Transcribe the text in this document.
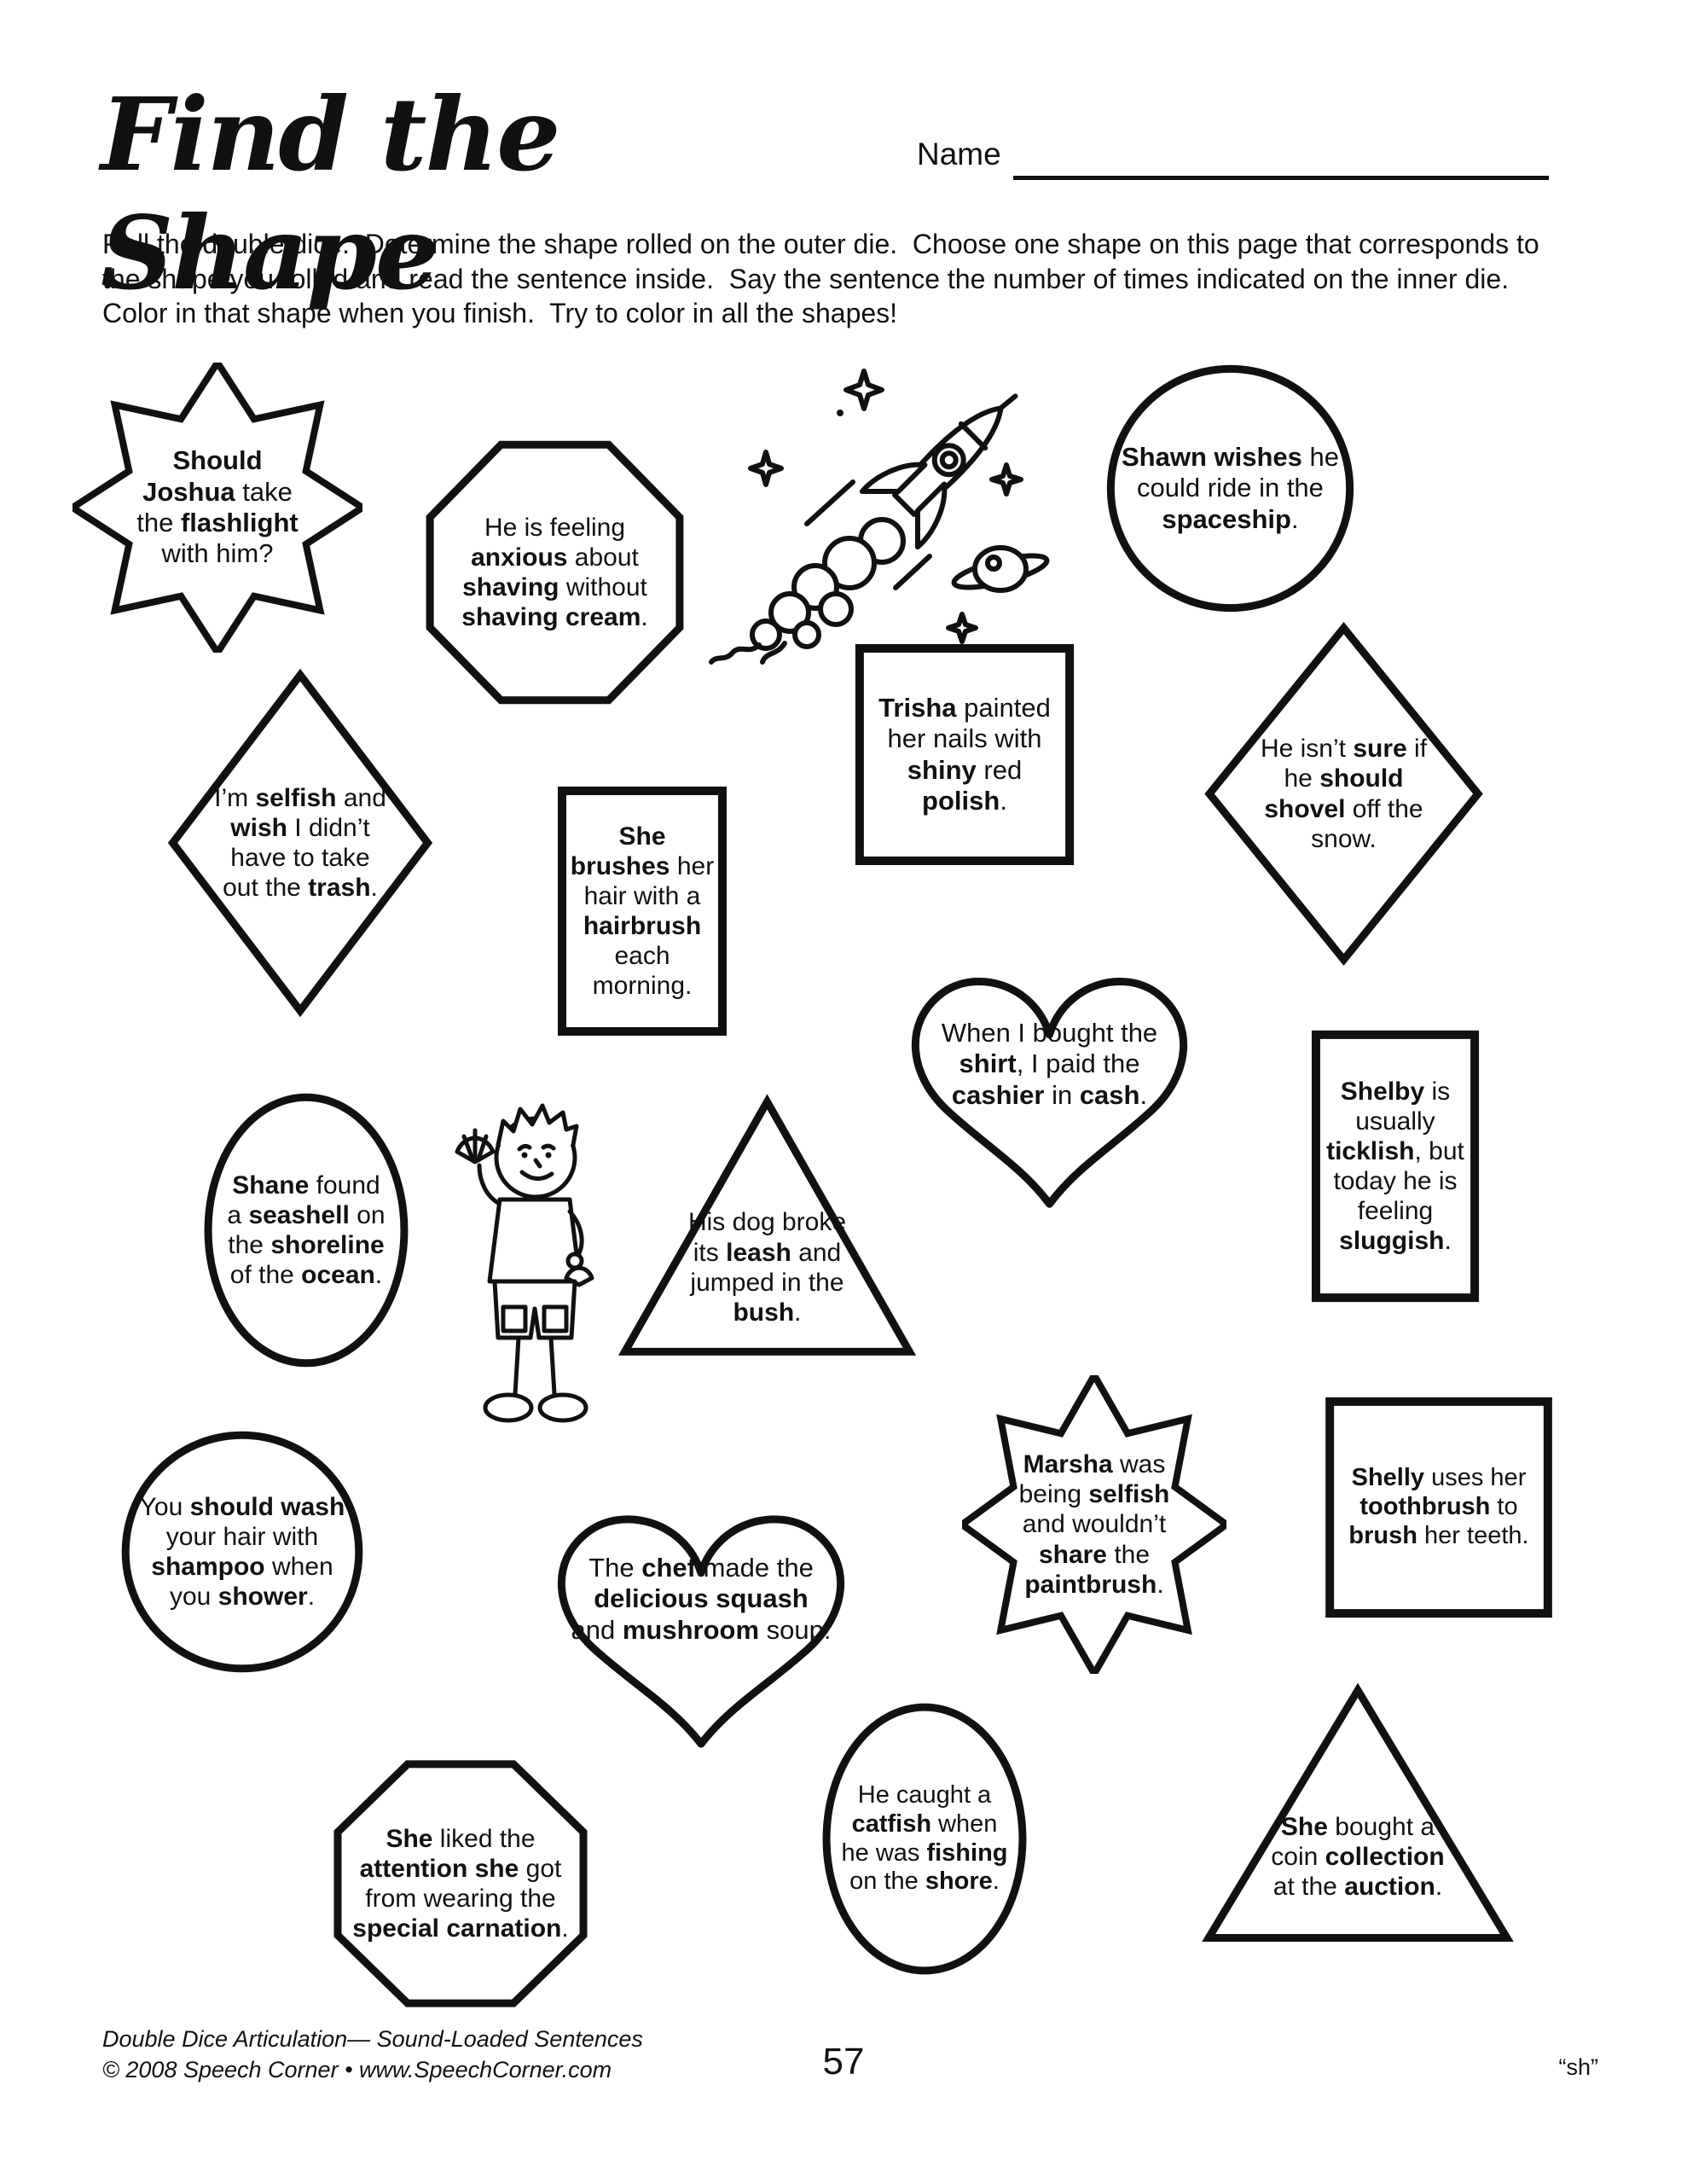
Find the Shape
Name
Roll the double dice.  Determine the shape rolled on the outer die.  Choose one shape on this page that corresponds to the shape you rolled and read the sentence inside.  Say the sentence the number of times indicated on the inner die.  Color in that shape when you finish.  Try to color in all the shapes!
Should Joshua take the flashlight with him?
He is feeling anxious about shaving without shaving cream.
Shawn wishes he could ride in the spaceship.
Trisha painted her nails with shiny red polish.
He isn’t sure if he should shovel off the snow.
I’m selfish and wish I didn’t have to take out the trash.
She brushes her hair with a hairbrush each morning.
When I bought the shirt, I paid the cashier in cash.	Shelby is usually ticklish, but today he is feeling sluggish.
Shane found a seashell on the shoreline of the ocean.
His dog broke its leash and jumped in the bush.
You should wash your hair with shampoo when you shower.
The chef made the delicious squash and mushroom soup.
Marsha was being selfish and wouldn’t share the paintbrush.
Shelly uses her toothbrush to brush her teeth.
She liked the attention she got from wearing the special carnation.
He caught a catfish when he was fishing on the shore.
She bought a coin collection at the auction.
Double Dice Articulation— Sound-Loaded Sentences
© 2008 Speech Corner • www.SpeechCorner.com	57	“sh”
